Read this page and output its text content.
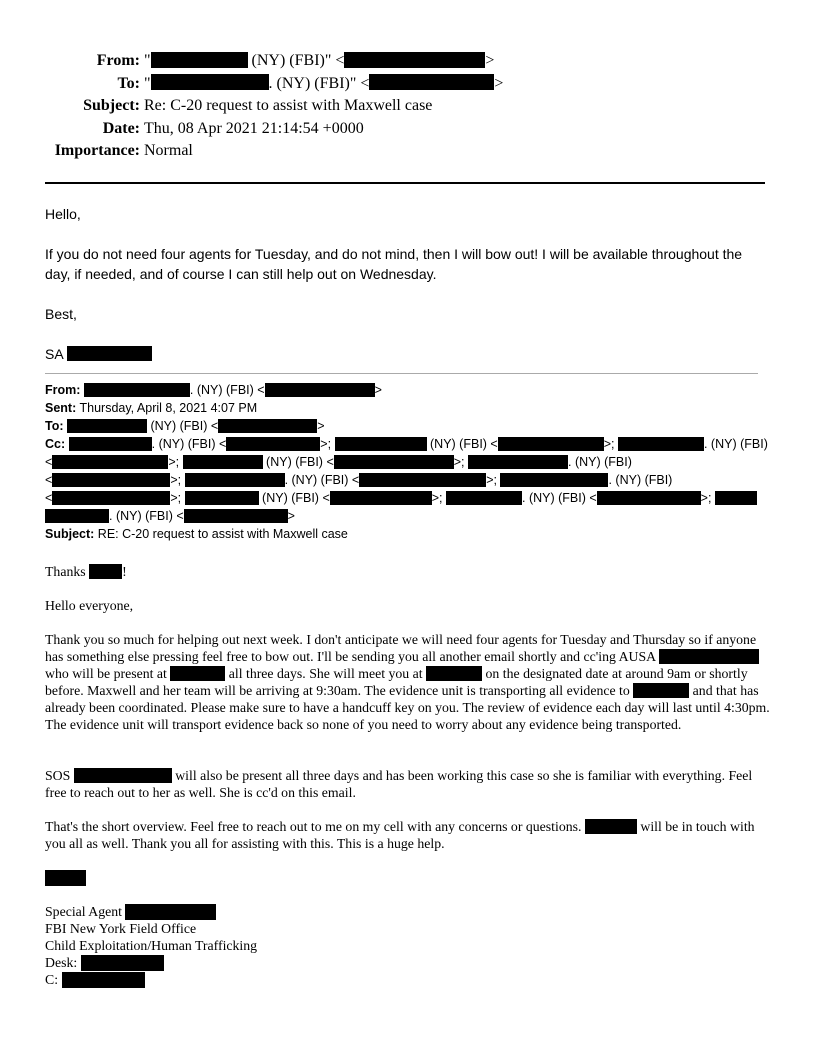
From: "	(NY) (FBI)" <	>
To: "	. (NY) (FBI)" <	>
Subject: Re: C-20 request to assist with Maxwell case
Date: Thu, 08 Apr 2021 21:14:54 +0000
Importance: Normal
Hello,
If you do not need four agents for Tuesday, and do not mind, then I will bow out! I will be available throughout the day, if needed, and of course I can still help out on Wednesday.
Best,
SA
From:	. (NY) (FBI) <	>
Sent: Thursday, April 8, 2021 4:07 PM
To:	(NY) (FBI) <	>
Cc:	. (NY) (FBI) <	>;	(NY) (FBI) <	>;	. (NY) (FBI)
<	>;	(NY) (FBI) <	>;	. (NY) (FBI)
<	>;	. (NY) (FBI) <	>;	. (NY) (FBI)
<	>;	(NY) (FBI) <	>;	. (NY) (FBI) <	>;
. (NY) (FBI) <	>
Subject: RE: C-20 request to assist with Maxwell case
Thanks !
Hello everyone,
Thank you so much for helping out next week. I don't anticipate we will need four agents for Tuesday and Thursday so if anyone has something else pressing feel free to bow out. I'll be sending you all another email shortly and cc'ing AUSA  who will be present at	all three days. She will meet you at	on the designated date at around 9am or shortly before. Maxwell and her team will be arriving at 9:30am. The evidence unit is transporting all evidence to	and that has already been coordinated. Please make sure to have a handcuff key on you. The review of evidence each day will last until 4:30pm. The evidence unit will transport evidence back so none of you need to worry about any evidence being transported.
SOS	will also be present all three days and has been working this case so she is familiar with everything. Feel free to reach out to her as well. She is cc'd on this email.
That's the short overview. Feel free to reach out to me on my cell with any concerns or questions.	will be in touch with you all as well. Thank you all for assisting with this. This is a huge help.
Special Agent
FBI New York Field Office
Child Exploitation/Human Trafficking
Desk:
C:
